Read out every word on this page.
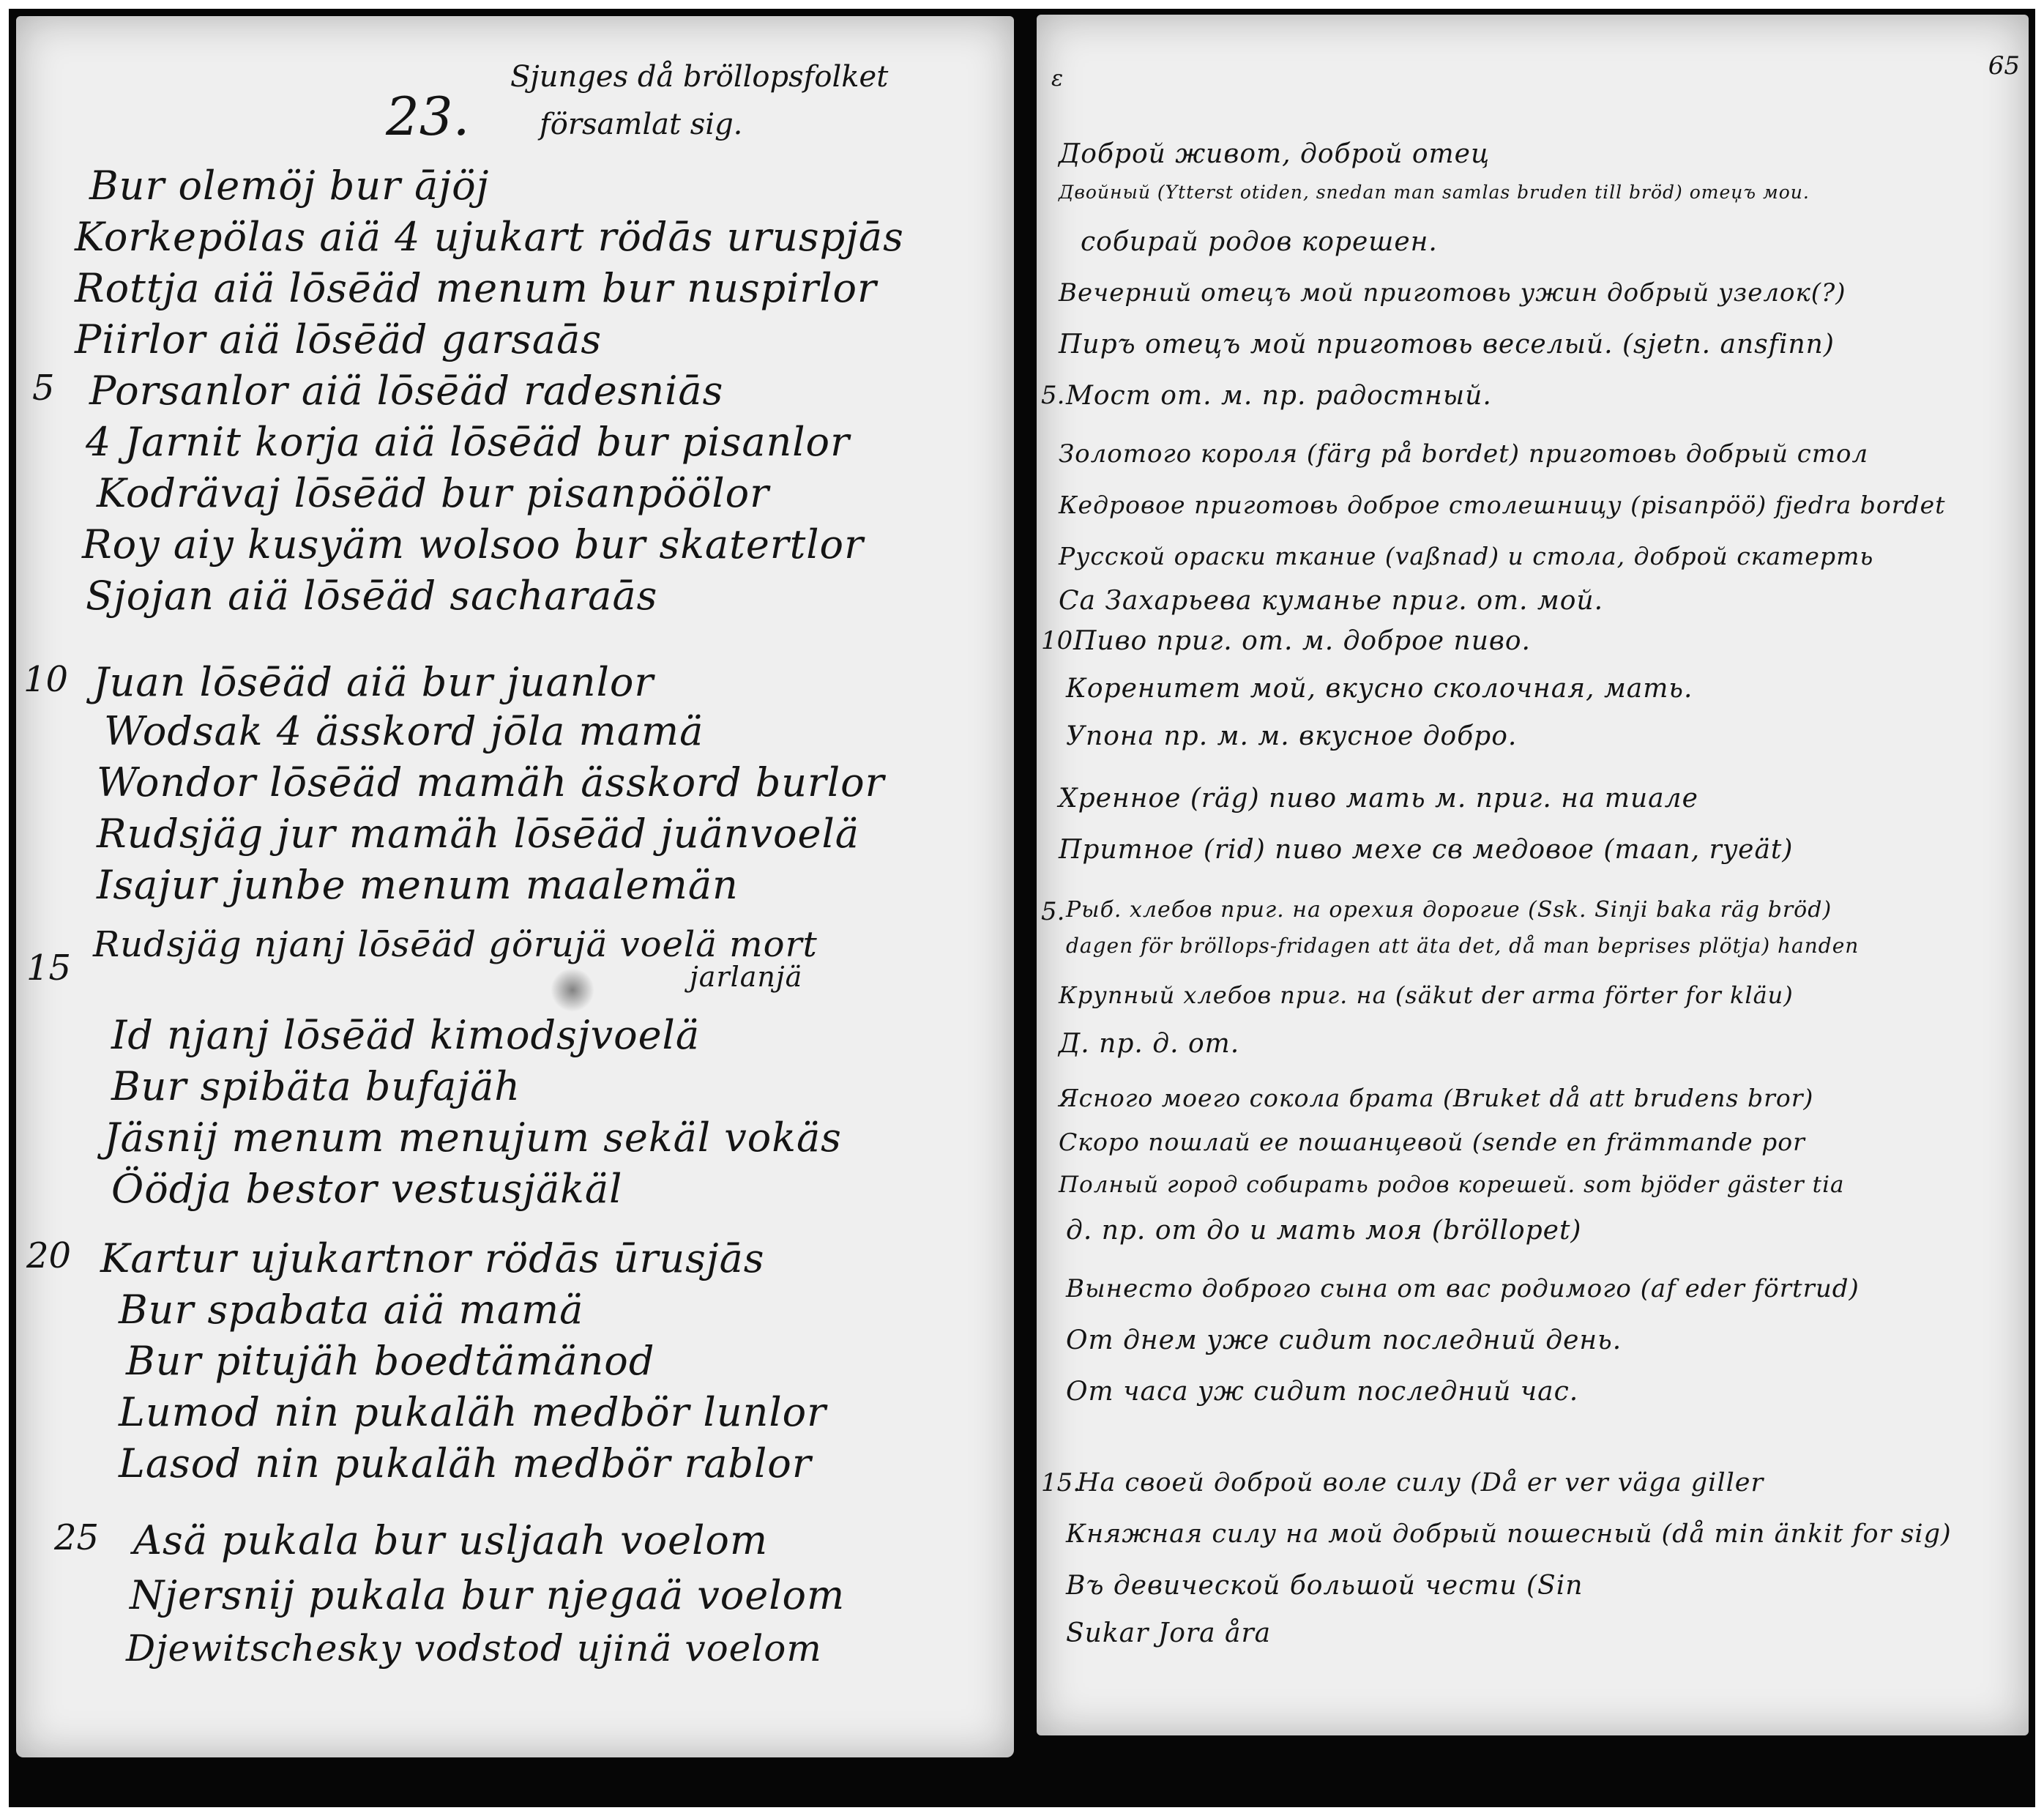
23.
Sjunges då bröllopsfolket
församlat sig.
5
10
15
20
25
Bur olemöj bur ājöj
Korkepölas aiä 4 ujukart rödās uruspjās
Rottja aiä lōsēäd menum bur nuspirlor
Piirlor aiä lōsēäd garsaās
Porsanlor aiä lōsēäd radesniās
4 Jarnit korja aiä lōsēäd bur pisanlor
Kodrävaj lōsēäd bur pisanpöölor
Roy aiy kusyäm wolsoo bur skatertlor
Sjojan aiä lōsēäd sacharaās
Juan lōsēäd aiä bur juanlor
Wodsak 4 ässkord jōla mamä
Wondor lōsēäd mamäh ässkord burlor
Rudsjäg jur mamäh lōsēäd juänvoelä
Isajur junbe menum maalemän
Rudsjäg njanj lōsēäd görujä voelä mort
jarlanjä
Id njanj lōsēäd kimodsjvoelä
Bur spibäta bufajäh
Jäsnij menum menujum sekäl vokäs
Öödja bestor vestusjäkäl
Kartur ujukartnor rödās ūrusjās
Bur spabata aiä mamä
Bur pitujäh boedtämänod
Lumod nin pukaläh medbör lunlor
Lasod nin pukaläh medbör rablor
Asä pukala bur usljaah voelom
Njersnij pukala bur njegaä voelom
Djewitschesky vodstod ujinä voelom
ε	65
5.
10
5.
15.
Доброй живот, доброй отец
Двойный (Ytterst otiden, snedan man samlas bruden till bröd) отеџъ мои.
собирай родов корешен.
Вечерний отецъ мой приготовь ужин добрый узелок(?)
Пиръ отецъ мой приготовь веселый. (sjetn. ansfinn)
Мост от. м. пр. радостный.
Золотого короля (färg på bordet) приготовь добрый стол
Кедровое приготовь доброе столешницу (pisanpöö) fjedra bordet
Русской ораски ткание (vaßnad) и стола, доброй скатерть
Са Захарьева куманье приг. от. мой.
Пиво приг. от. м. доброе пиво.
Коренитет мой, вкусно сколочная, мать.
Упона пр. м. м. вкусное добро.
Хренное (räg) пиво мать м. приг. на тиале
Притное (rid) пиво мехе св медовое (maan, ryeät)
Рыб. хлебов приг. на орехия дорогие (Ssk. Sinji baka räg bröd)
dagen för bröllops-fridagen att äta det, då man beprises plötja) handen
Крупный хлебов приг. на (säkut der arma förter for kläu)
Д. пр. д. от.
Ясного моего сокола брата (Bruket då att brudens bror)
Скоро пошлай ее пошанцевой (sende en främmande por
Полный город собирать родов корешей. som bjöder gäster tia
д. пр. от до и мать моя (bröllopet)
Вынесто доброго сына от вас родимого (af eder förtrud)
От днем уже сидит последний день.
От часа уж сидит последний час.
На своей доброй воле силу (Då er ver väga giller
Княжная силу на мой добрый пошесный (då min änkit for sig)
Въ девической большой чести (Sin
Sukar Jora åra
